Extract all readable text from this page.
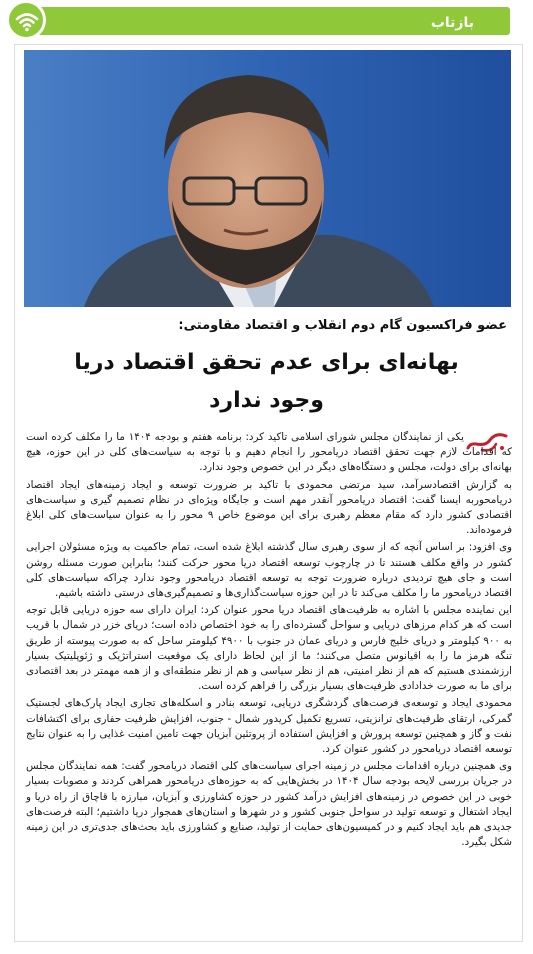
بازتاب
عضو فراکسیون گام دوم انقلاب و اقتصاد مقاومتی:
بهانه‌ای برای عدم تحقق اقتصاد دریا
وجود ندارد

یکی از نمایندگان مجلس شورای اسلامی تاکید کرد: برنامه هفتم و بودجه ۱۴۰۴ ما را مکلف کرده است که اقدامات لازم جهت تحقق اقتصاد دریامحور را انجام دهیم و با توجه به سیاست‌های کلی در این حوزه، هیچ بهانه‌ای برای دولت، مجلس و دستگاه‌های دیگر در این خصوص وجود ندارد.

به گزارش اقتصادسرآمد، سید مرتضی محمودی با تاکید بر ضرورت توسعه و ایجاد زمینه‌های ایجاد اقتصاد دریامحوربه ایسنا گفت: اقتصاد دریامحور آنقدر مهم است و جایگاه ویژه‌ای در نظام تصمیم گیری و سیاست‌های اقتصادی کشور دارد که مقام معظم رهبری برای این موضوع خاص ۹ محور را به عنوان سیاست‌های کلی ابلاغ فرموده‌اند.

وی افزود: بر اساس آنچه که از سوی رهبری سال گذشته ابلاغ شده است، تمام حاکمیت به ویژه مسئولان اجرایی کشور در واقع مکلف هستند تا در چارچوب توسعه اقتصاد دریا محور حرکت کنند؛ بنابراین صورت مسئله روشن است و جای هیچ تردیدی درباره ضرورت توجه به توسعه اقتصاد دریامحور وجود ندارد چراکه سیاست‌های کلی اقتصاد دریامحور ما را مکلف می‌کند تا در این حوزه سیاست‌گذاری‌ها و تصمیم‌گیری‌های درستی داشته باشیم.

این نماینده مجلس با اشاره به ظرفیت‌های اقتصاد دریا محور عنوان کرد: ایران دارای سه حوزه دریایی قابل توجه است که هر کدام مرزهای دریایی و سواحل گسترده‌ای را به خود اختصاص داده است؛ دریای خزر در شمال با قریب به ۹۰۰ کیلومتر و دریای خلیج فارس و دریای عمان در جنوب با ۴۹۰۰ کیلومتر ساحل که به صورت پیوسته از طریق تنگه هرمز ما را به اقیانوس متصل می‌کنند؛ ما از این لحاظ دارای یک موقعیت استراتژیک و ژئوپلیتیک بسیار ارزشمندی هستیم که هم از نظر امنیتی، هم از نظر سیاسی و هم از نظر منطقه‌ای و از همه مهمتر در بعد اقتصادی برای ما به صورت خدادادی ظرفیت‌های بسیار بزرگی را فراهم کرده است.

محمودی ایجاد و توسعه‌ی فرصت‌های گردشگری دریایی، توسعه بنادر و اسکله‌های تجاری ایجاد پارک‌های لجستیک گمرکی، ارتقای ظرفیت‌های ترانزیتی، تسریع تکمیل کریدور شمال - جنوب، افزایش ظرفیت حفاری برای اکتشافات نفت و گاز و همچنین توسعه پرورش و افزایش استفاده از پروتئین آبزیان جهت تامین امنیت غذایی را به عنوان نتایج توسعه اقتصاد دریامحور در کشور عنوان کرد.

وی همچنین درباره اقدامات مجلس در زمینه اجرای سیاست‌های کلی اقتصاد دریامحور گفت: همه نمایندگان مجلس در جریان بررسی لایحه بودجه سال ۱۴۰۴ در بخش‌هایی که به حوزه‌های دریامحور همراهی کردند و مصوبات بسیار خوبی در این خصوص در زمینه‌های افزایش درآمد کشور در حوزه کشاورزی و آبزیان، مبارزه با قاچاق از راه دریا و ایجاد اشتغال و توسعه تولید در سواحل جنوبی کشور و در شهرها و استان‌های همجوار دریا داشتیم؛ البته فرصت‌های جدیدی هم باید ایجاد کنیم و در کمیسیون‌های حمایت از تولید، صنایع و کشاورزی باید بحث‌های جدی‌تری در این زمینه شکل بگیرد.
